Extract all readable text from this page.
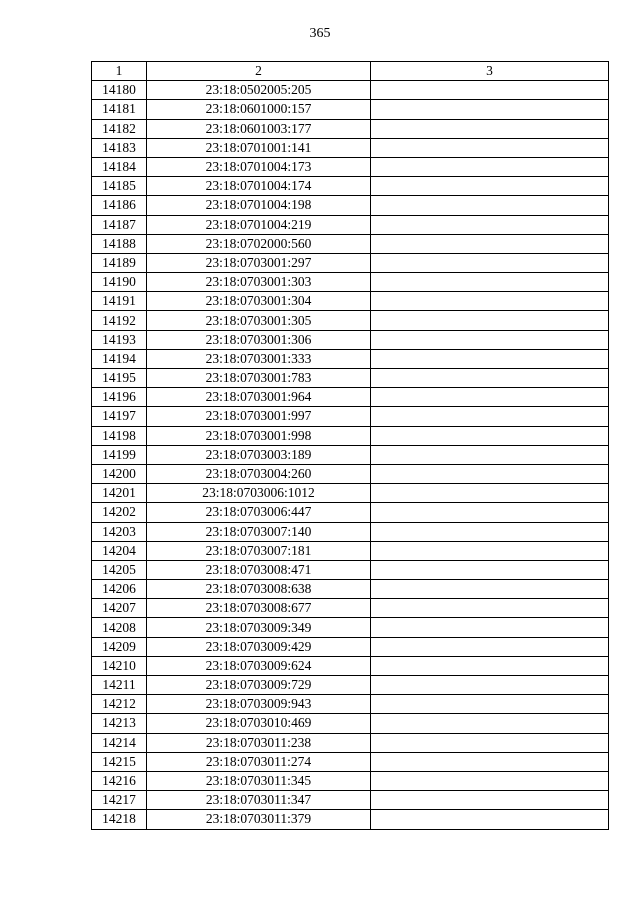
365
1	2	3
14180	23:18:0502005:205	
14181	23:18:0601000:157	
14182	23:18:0601003:177	
14183	23:18:0701001:141	
14184	23:18:0701004:173	
14185	23:18:0701004:174	
14186	23:18:0701004:198	
14187	23:18:0701004:219	
14188	23:18:0702000:560	
14189	23:18:0703001:297	
14190	23:18:0703001:303	
14191	23:18:0703001:304	
14192	23:18:0703001:305	
14193	23:18:0703001:306	
14194	23:18:0703001:333	
14195	23:18:0703001:783	
14196	23:18:0703001:964	
14197	23:18:0703001:997	
14198	23:18:0703001:998	
14199	23:18:0703003:189	
14200	23:18:0703004:260	
14201	23:18:0703006:1012	
14202	23:18:0703006:447	
14203	23:18:0703007:140	
14204	23:18:0703007:181	
14205	23:18:0703008:471	
14206	23:18:0703008:638	
14207	23:18:0703008:677	
14208	23:18:0703009:349	
14209	23:18:0703009:429	
14210	23:18:0703009:624	
14211	23:18:0703009:729	
14212	23:18:0703009:943	
14213	23:18:0703010:469	
14214	23:18:0703011:238	
14215	23:18:0703011:274	
14216	23:18:0703011:345	
14217	23:18:0703011:347	
14218	23:18:0703011:379	
